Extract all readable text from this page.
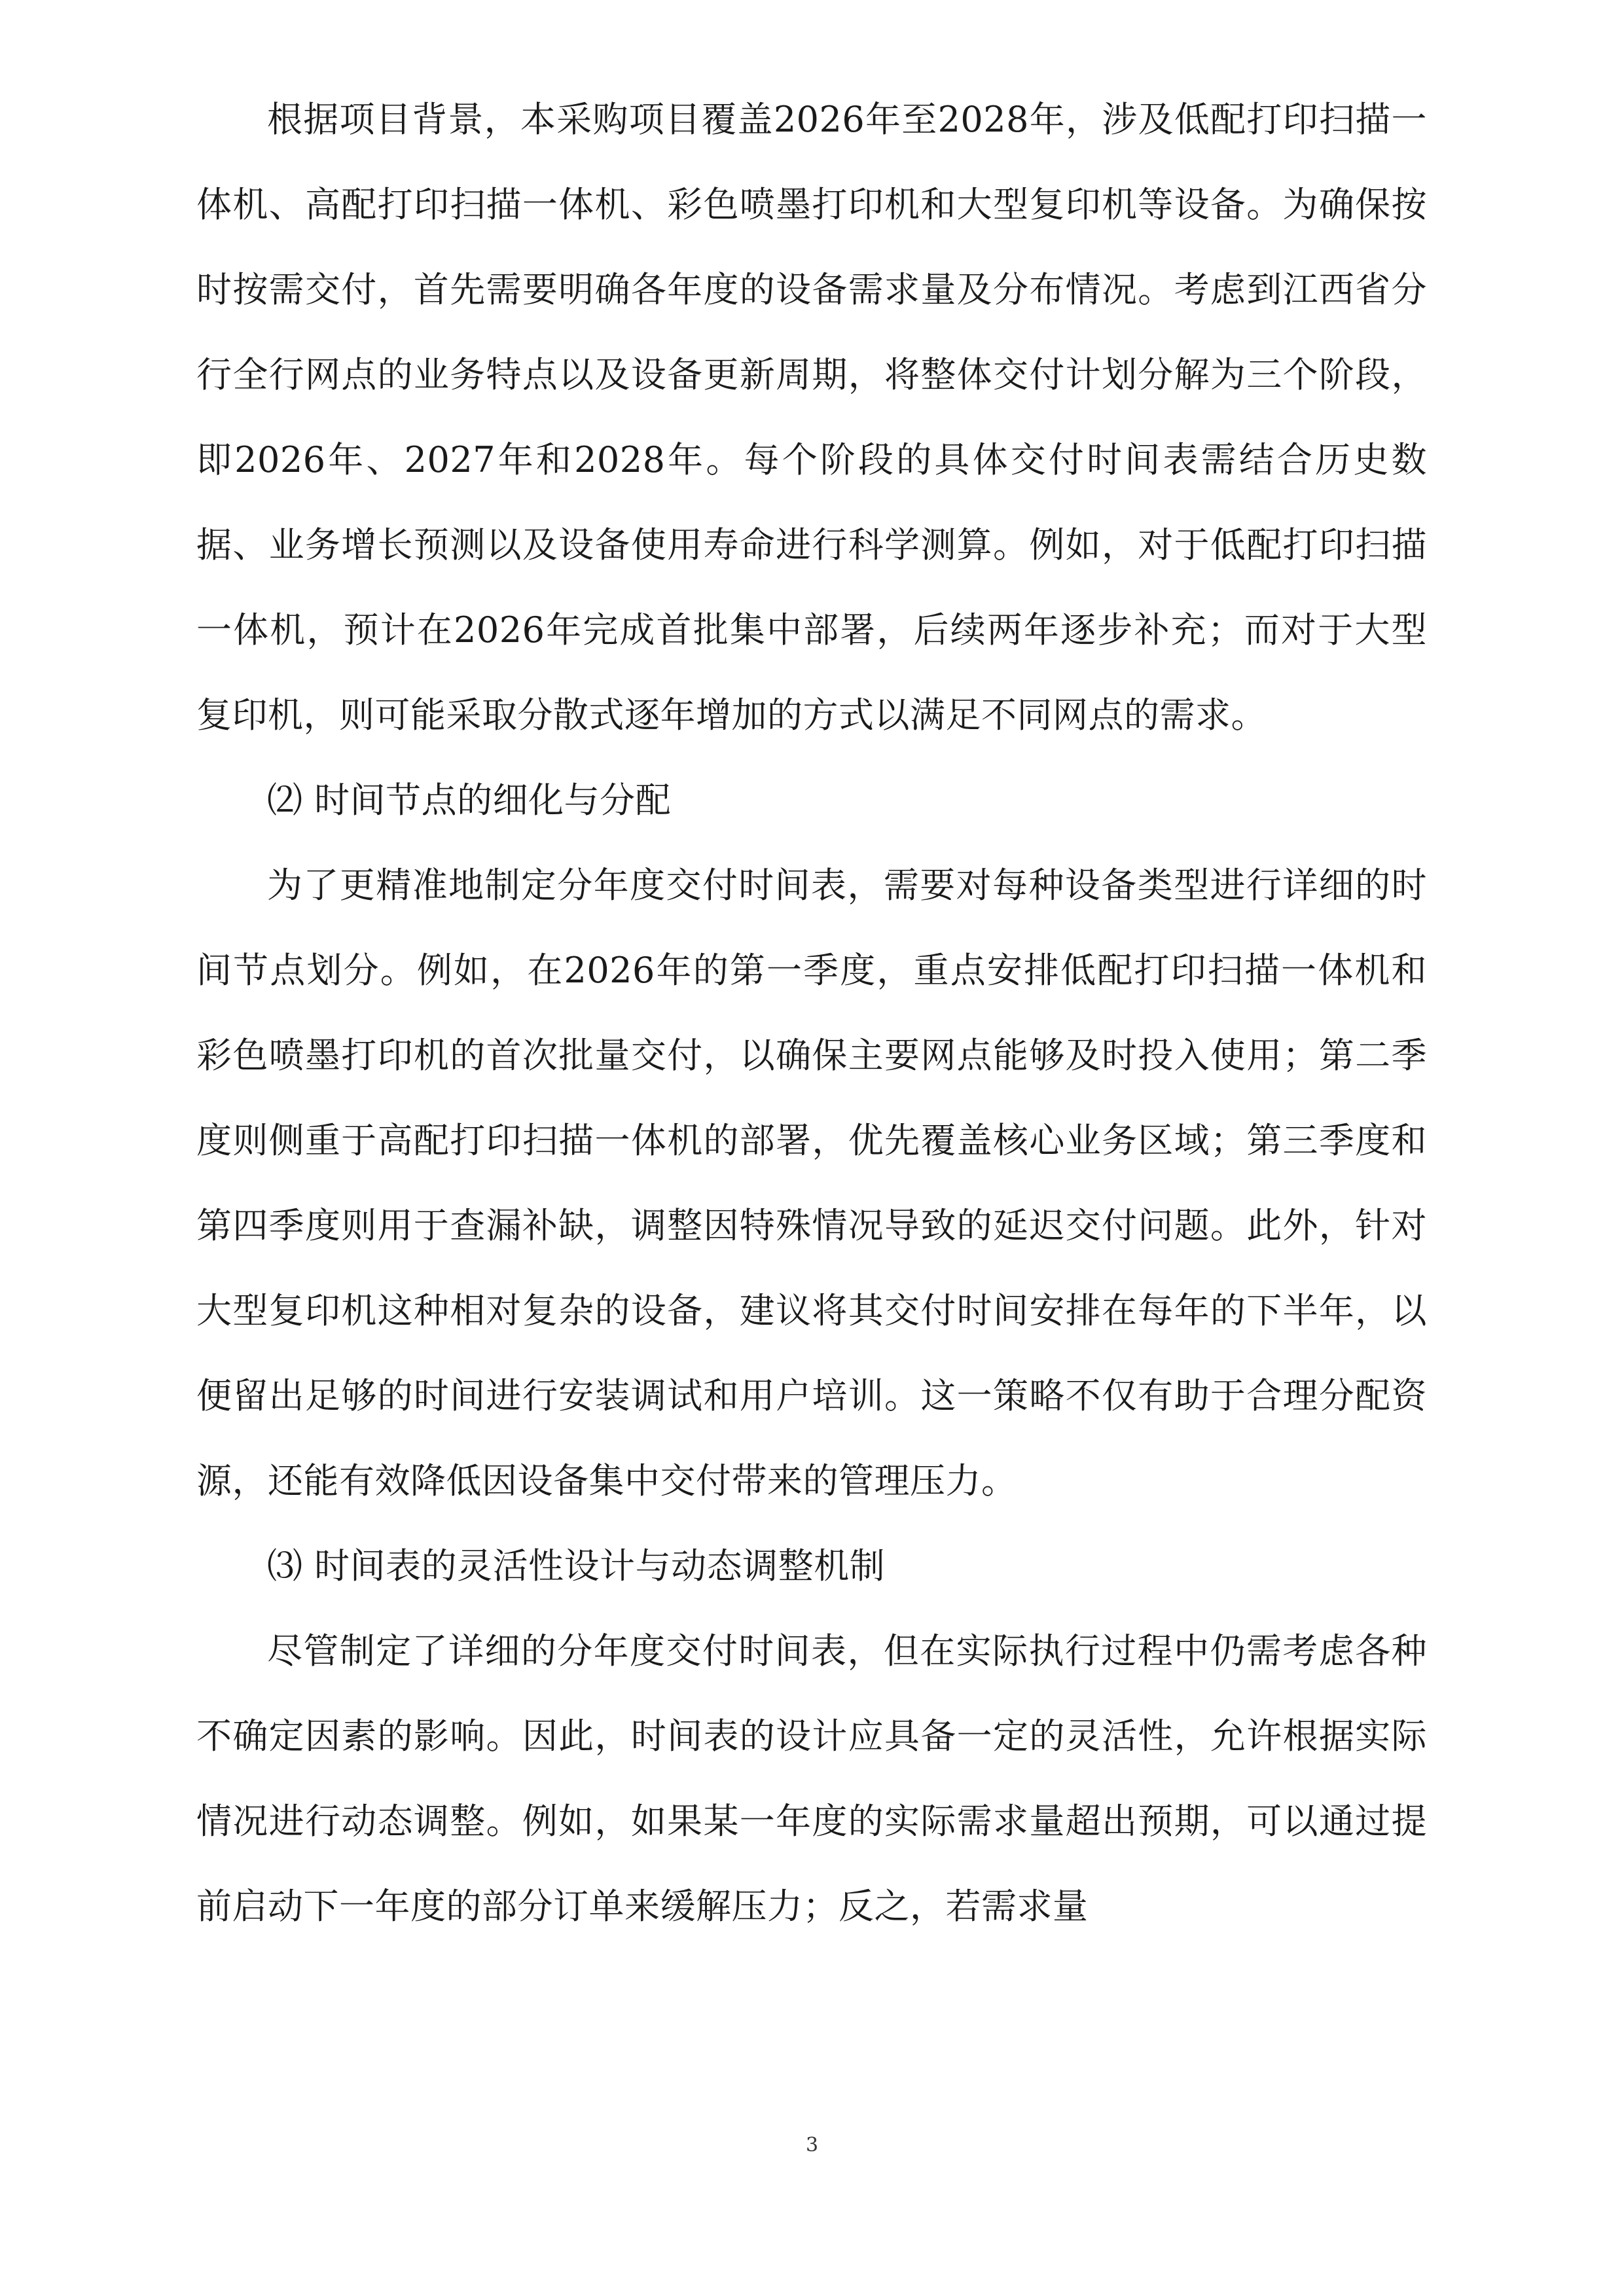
根据项目背景，本采购项目覆盖2026年至2028年，涉及低配打印扫描一体机、高配打印扫描一体机、彩色喷墨打印机和大型复印机等设备。为确保按时按需交付，首先需要明确各年度的设备需求量及分布情况。考虑到江西省分行全行网点的业务特点以及设备更新周期，将整体交付计划分解为三个阶段，即2026年、2027年和2028年。每个阶段的具体交付时间表需结合历史数据、业务增长预测以及设备使用寿命进行科学测算。例如，对于低配打印扫描一体机，预计在2026年完成首批集中部署，后续两年逐步补充；而对于大型复印机，则可能采取分散式逐年增加的方式以满足不同网点的需求。

⑵ 时间节点的细化与分配

为了更精准地制定分年度交付时间表，需要对每种设备类型进行详细的时间节点划分。例如，在2026年的第一季度，重点安排低配打印扫描一体机和彩色喷墨打印机的首次批量交付，以确保主要网点能够及时投入使用；第二季度则侧重于高配打印扫描一体机的部署，优先覆盖核心业务区域；第三季度和第四季度则用于查漏补缺，调整因特殊情况导致的延迟交付问题。此外，针对大型复印机这种相对复杂的设备，建议将其交付时间安排在每年的下半年，以便留出足够的时间进行安装调试和用户培训。这一策略不仅有助于合理分配资源，还能有效降低因设备集中交付带来的管理压力。

⑶ 时间表的灵活性设计与动态调整机制

尽管制定了详细的分年度交付时间表，但在实际执行过程中仍需考虑各种不确定因素的影响。因此，时间表的设计应具备一定的灵活性，允许根据实际情况进行动态调整。例如，如果某一年度的实际需求量超出预期，可以通过提前启动下一年度的部分订单来缓解压力；反之，若需求量

3
